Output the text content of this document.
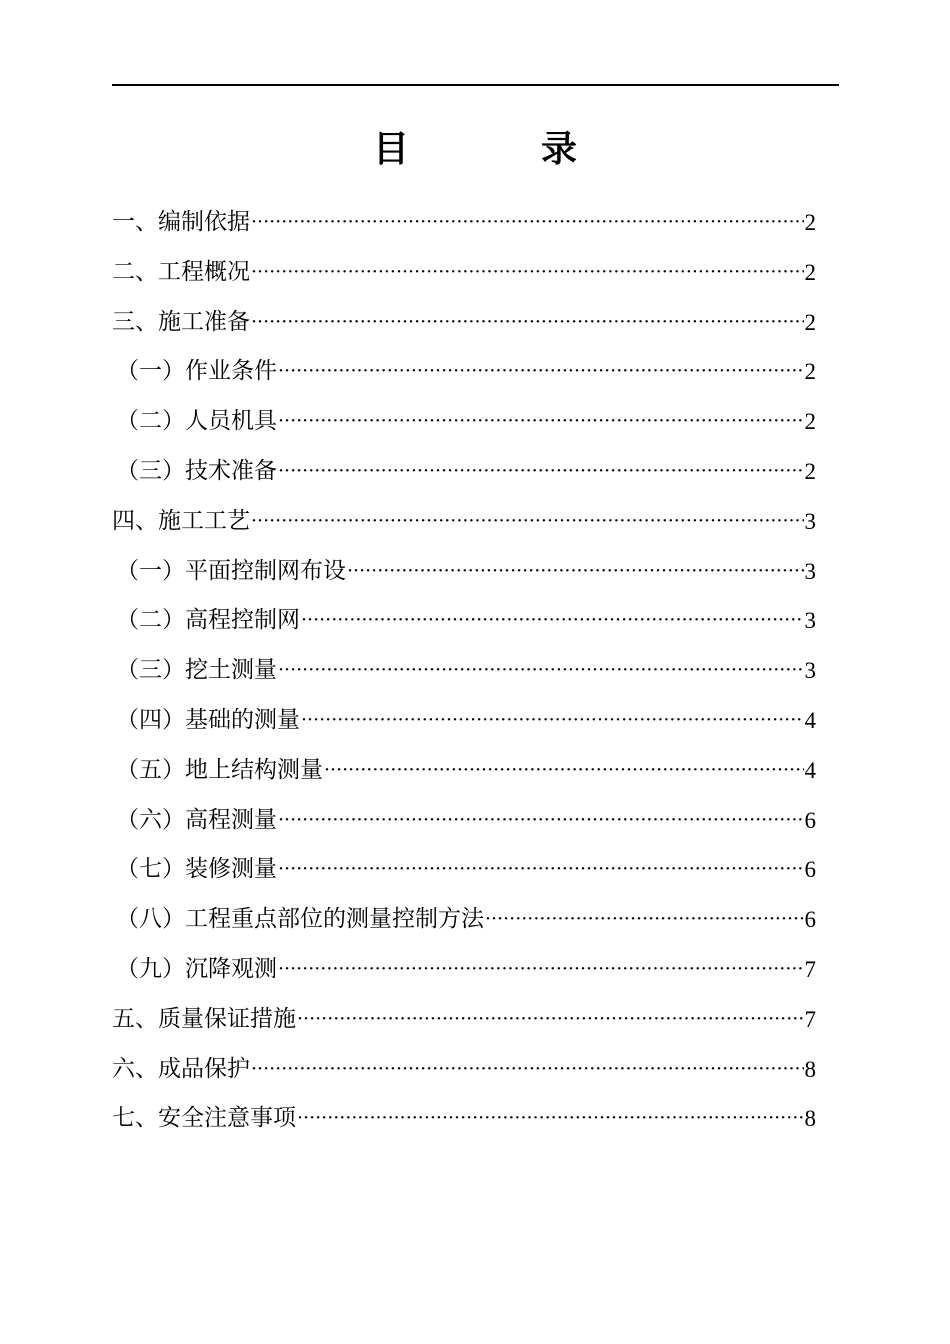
目　录
一、编制依据 ·····	2
二、工程概况 ·····	2
三、施工准备 ·····	2
（一）作业条件 ·····	2
（二）人员机具 ·····	2
（三）技术准备 ·····	2
四、施工工艺 ·····	3
（一）平面控制网布设 ·····	3
（二）高程控制网 ·····	3
（三）挖土测量 ·····	3
（四）基础的测量 ·····	4
（五）地上结构测量 ·····	4
（六）高程测量 ·····	6
（七）装修测量 ·····	6
（八）工程重点部位的测量控制方法 ·····	6
（九）沉降观测 ·····	7
五、质量保证措施 ·····	7
六、成品保护 ·····	8
七、安全注意事项 ·····	8
